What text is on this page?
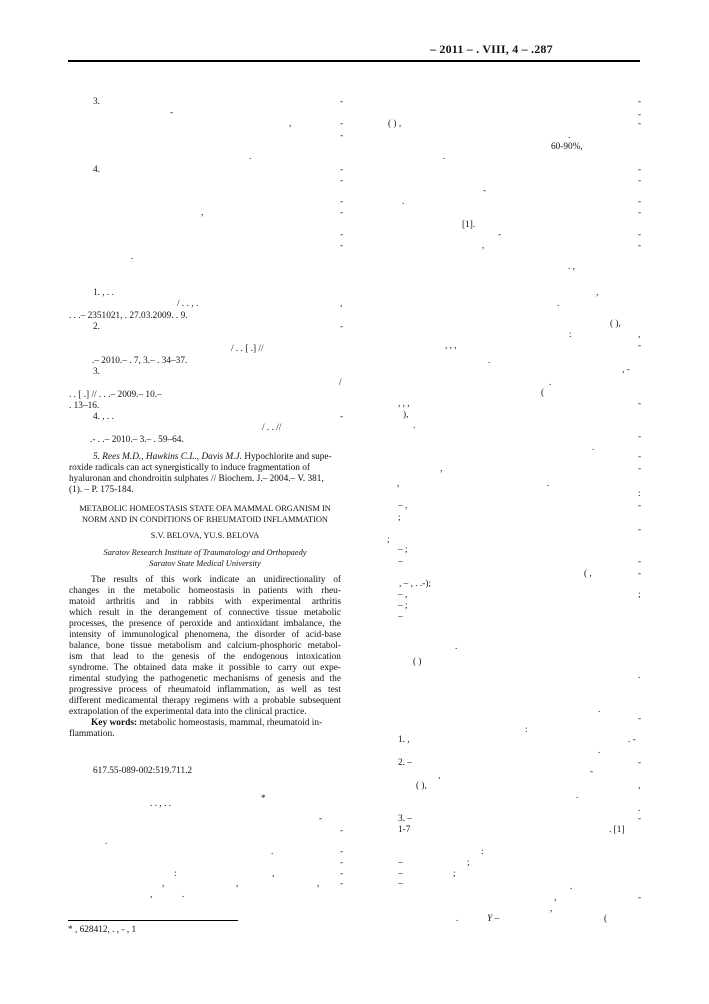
– 2011 – . VIII, 4 – .287
3.	-
-
,	-
-
.
4.	-
-
-
,	-
-
-
.
1. , . .
/ . . , .	,
. . .– 2351021, . 27.03.2009. . 9.
2.	-
/ . . [ .] //
.– 2010.– . 7, 3.– . 34–37.
3.
/
. . [ .] // . . .– 2009.– 10.–
. 13–16.
4. , . .	-
/ . . //
.- . .– 2010.– 3.– . 59–64.
5. Rees M.D., Hawkins C.L., Davis M.J. Hypochlorite and supe-
roxide radicals can act synergistically to induce fragmentation of
hyaluronan and chondroitin sulphates // Biochem. J.– 2004.– V. 381,
(1). – P. 175-184.
METABOLIC HOMEOSTASIS STATE OFA MAMMAL ORGANISM IN
NORM AND IN CONDITIONS OF RHEUMATOID INFLAMMATION
S.V. BELOVA, YU.S. BELOVA
Saratov Research Institute of Traumatology and Orthopaedy
Saratov State Medical University
The results of this work indicate an unidirectionality of
changes in the metabolic homeostasis in patients with rheu-
matoid arthritis and in rabbits with experimental arthritis
which result in the derangement of connective tissue metabolic
processes, the presence of peroxide and antioxidant imbalance, the
intensity of immunological phenomena, the disorder of acid-base
balance, bone tissue metabolism and calcium-phosphoric metabol-
ism that lead to the genesis of the endogenous intoxication
syndrome. The obtained data make it possible to carry out expe-
rimental studying the pathogenetic mechanisms of genesis and the
progressive process of rheumatoid inflammation, as well as test
different medicamental therapy regimens with a probable subsequent
extrapolation of the experimental data into the clinical practice.
Key words: metabolic homeostasis, mammal, rheumatoid in-
flammation.
617.55-089-002:519.711.2
. . , . .	*
-
-
.
-
.
-
:	,	-
,	,	, -
,	.
* , 628412, . , - , 1
-
-
( ) ,	-
.
60-90%,
.
-
-
-
.	-
-
[1].
-	-
,	-
. ,
,
.
( ),
:	,
, , ,	-
.
, -
.
(
, , ,	-
),
.
-
.
-
,	-
,	.
:
– ,	-
;
-
;
– ;
–	-
( ,	-
, – , . .-);
– ,	;
– ;
–
.
( )
.
.
-
:
1. ,	. -
.
2. –	-
,	-
( ),	,
.
.
3. –	-
1-7	. [1]
:
–	;
–	;
–	.
,	-
,
.	Y –	(
